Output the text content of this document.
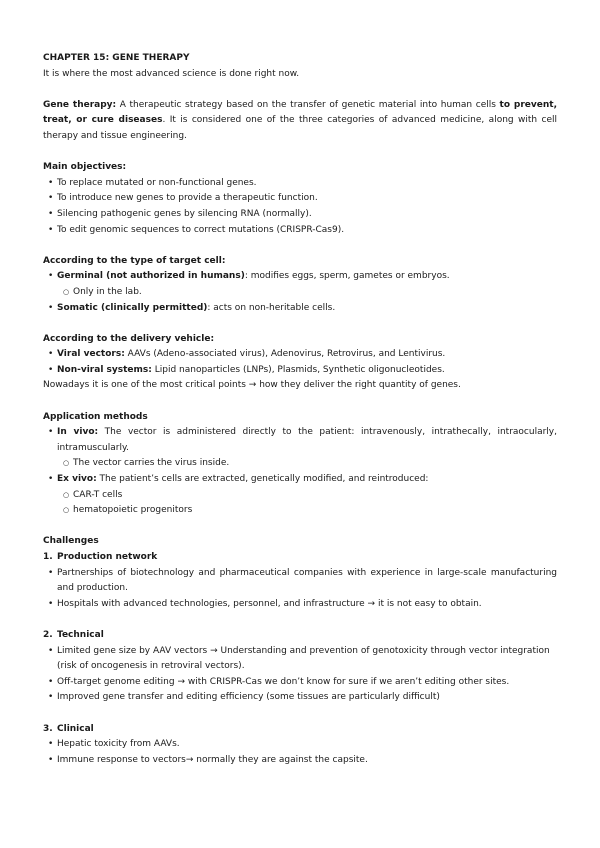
CHAPTER 15: GENE THERAPY

It is where the most advanced science is done right now.

Gene therapy: A therapeutic strategy based on the transfer of genetic material into human cells to prevent, treat, or cure diseases. It is considered one of the three categories of advanced medicine, along with cell therapy and tissue engineering.

Main objectives:

• To replace mutated or non-functional genes.
• To introduce new genes to provide a therapeutic function.
• Silencing pathogenic genes by silencing RNA (normally).
• To edit genomic sequences to correct mutations (CRISPR-Cas9).

According to the type of target cell:

• Germinal (not authorized in humans): modifies eggs, sperm, gametes or embryos.
○ Only in the lab.
• Somatic (clinically permitted): acts on non-heritable cells.

According to the delivery vehicle:

• Viral vectors: AAVs (Adeno-associated virus), Adenovirus, Retrovirus, and Lentivirus.
• Non-viral systems: Lipid nanoparticles (LNPs), Plasmids, Synthetic oligonucleotides.

Nowadays it is one of the most critical points → how they deliver the right quantity of genes.

Application methods

• In vivo: The vector is administered directly to the patient: intravenously, intrathecally, intraocularly, intramuscularly.
○ The vector carries the virus inside.
• Ex vivo: The patient’s cells are extracted, genetically modified, and reintroduced:
○ CAR-T cells
○ hematopoietic progenitors

Challenges

1. Production network

• Partnerships of biotechnology and pharmaceutical companies with experience in large-scale manufacturing and production.
• Hospitals with advanced technologies, personnel, and infrastructure → it is not easy to obtain.

2. Technical

• Limited gene size by AAV vectors → Understanding and prevention of genotoxicity through vector integration (risk of oncogenesis in retroviral vectors).
• Off-target genome editing → with CRISPR-Cas we don’t know for sure if we aren’t editing other sites.
• Improved gene transfer and editing efficiency (some tissues are particularly difficult)

3. Clinical

• Hepatic toxicity from AAVs.
• Immune response to vectors→ normally they are against the capsite.
